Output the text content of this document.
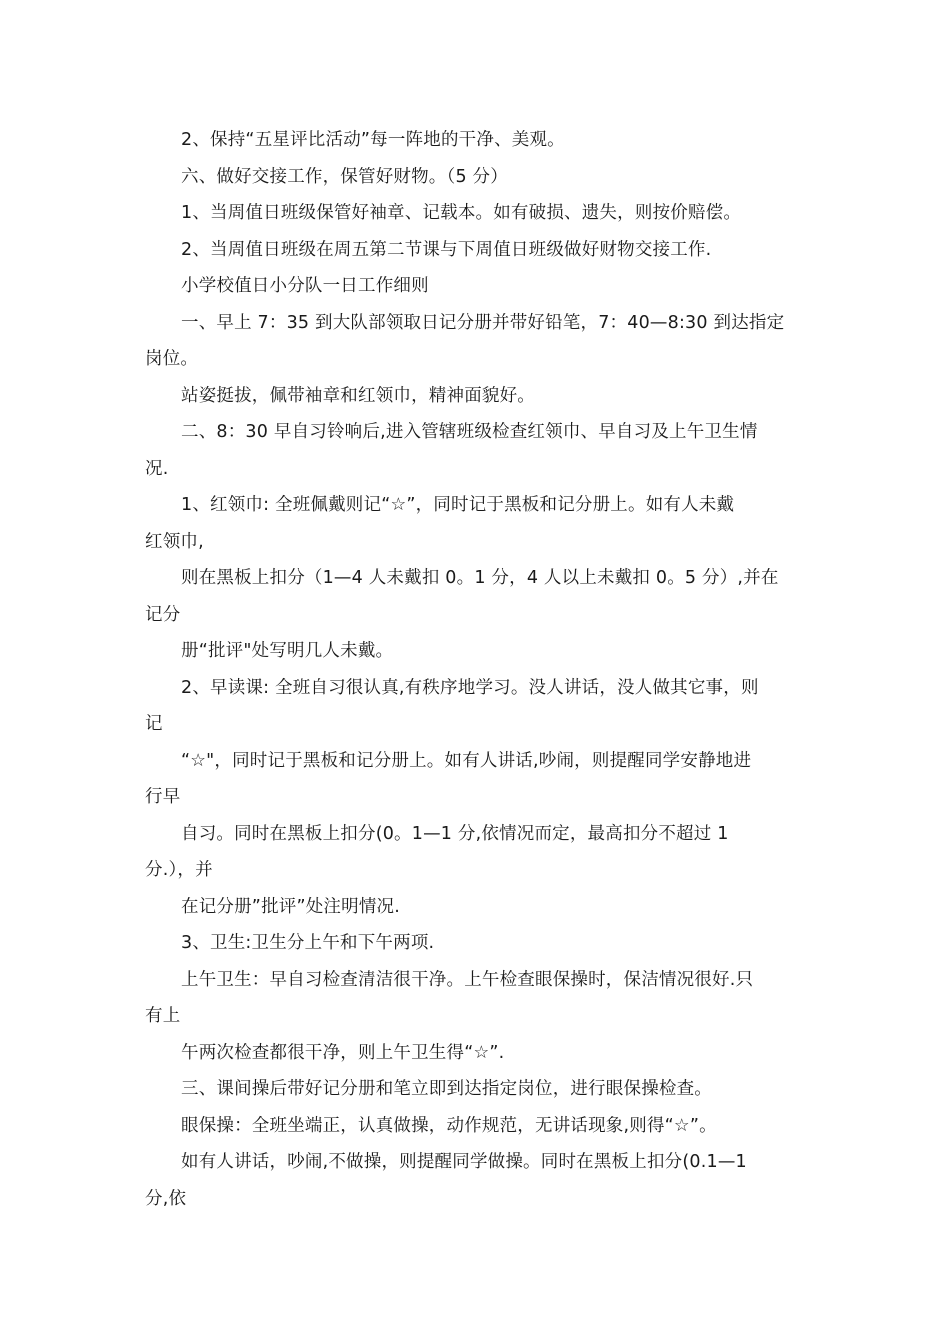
2、保持“五星评比活动”每一阵地的干净、美观。
六、做好交接工作，保管好财物。（5 分）
1、当周值日班级保管好袖章、记载本。如有破损、遗失，则按价赔偿。
2、当周值日班级在周五第二节课与下周值日班级做好财物交接工作.
小学校值日小分队一日工作细则
一、早上 7：35 到大队部领取日记分册并带好铅笔，7：40—8:30 到达指定
岗位。
站姿挺拔，佩带袖章和红领巾，精神面貌好。
二、8：30 早自习铃响后,进入管辖班级检查红领巾、早自习及上午卫生情
况.
1、红领巾: 全班佩戴则记“☆”，同时记于黑板和记分册上。如有人未戴
红领巾,
则在黑板上扣分（1—4 人未戴扣 0。1 分，4 人以上未戴扣 0。5 分）,并在
记分
册“批评"处写明几人未戴。
2、早读课: 全班自习很认真,有秩序地学习。没人讲话，没人做其它事，则
记
“☆"，同时记于黑板和记分册上。如有人讲话,吵闹，则提醒同学安静地进
行早
自习。同时在黑板上扣分(0。1—1 分,依情况而定，最高扣分不超过 1
分.），并
在记分册”批评”处注明情况.
3、卫生:卫生分上午和下午两项.
上午卫生：早自习检查清洁很干净。上午检查眼保操时，保洁情况很好.只
有上
午两次检查都很干净，则上午卫生得“☆”.
三、课间操后带好记分册和笔立即到达指定岗位，进行眼保操检查。
眼保操：全班坐端正，认真做操，动作规范，无讲话现象,则得“☆”。
如有人讲话，吵闹,不做操，则提醒同学做操。同时在黑板上扣分(0.1—1
分,依
